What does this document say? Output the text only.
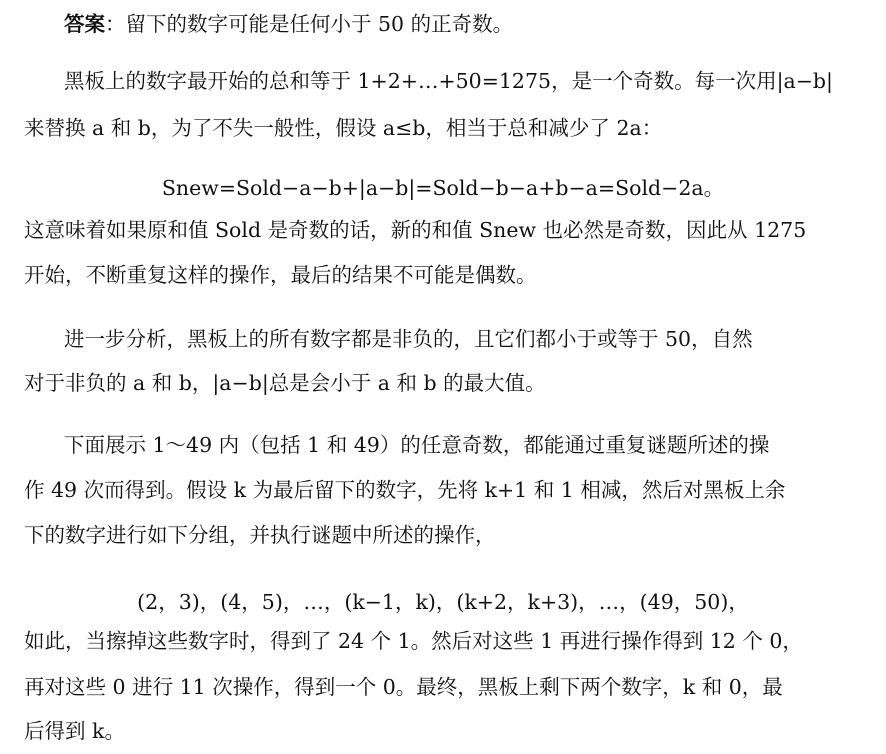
答案：留下的数字可能是任何小于 50 的正奇数。
黑板上的数字最开始的总和等于 1+2+…+50=1275，是一个奇数。每一次用|a−b|
来替换 a 和 b，为了不失一般性，假设 a≤b，相当于总和减少了 2a：
Snew=Sold−a−b+|a−b|=Sold−b−a+b−a=Sold−2a。
这意味着如果原和值 Sold 是奇数的话，新的和值 Snew 也必然是奇数，因此从 1275
开始，不断重复这样的操作，最后的结果不可能是偶数。
进一步分析，黑板上的所有数字都是非负的，且它们都小于或等于 50，自然
对于非负的 a 和 b，|a−b|总是会小于 a 和 b 的最大值。
下面展示 1～49 内（包括 1 和 49）的任意奇数，都能通过重复谜题所述的操
作 49 次而得到。假设 k 为最后留下的数字，先将 k+1 和 1 相减，然后对黑板上余
下的数字进行如下分组，并执行谜题中所述的操作，
(2，3)，(4，5)，…，(k−1，k)，(k+2，k+3)，…，(49，50)，
如此，当擦掉这些数字时，得到了 24 个 1。然后对这些 1 再进行操作得到 12 个 0，
再对这些 0 进行 11 次操作，得到一个 0。最终，黑板上剩下两个数字，k 和 0，最
后得到 k。
